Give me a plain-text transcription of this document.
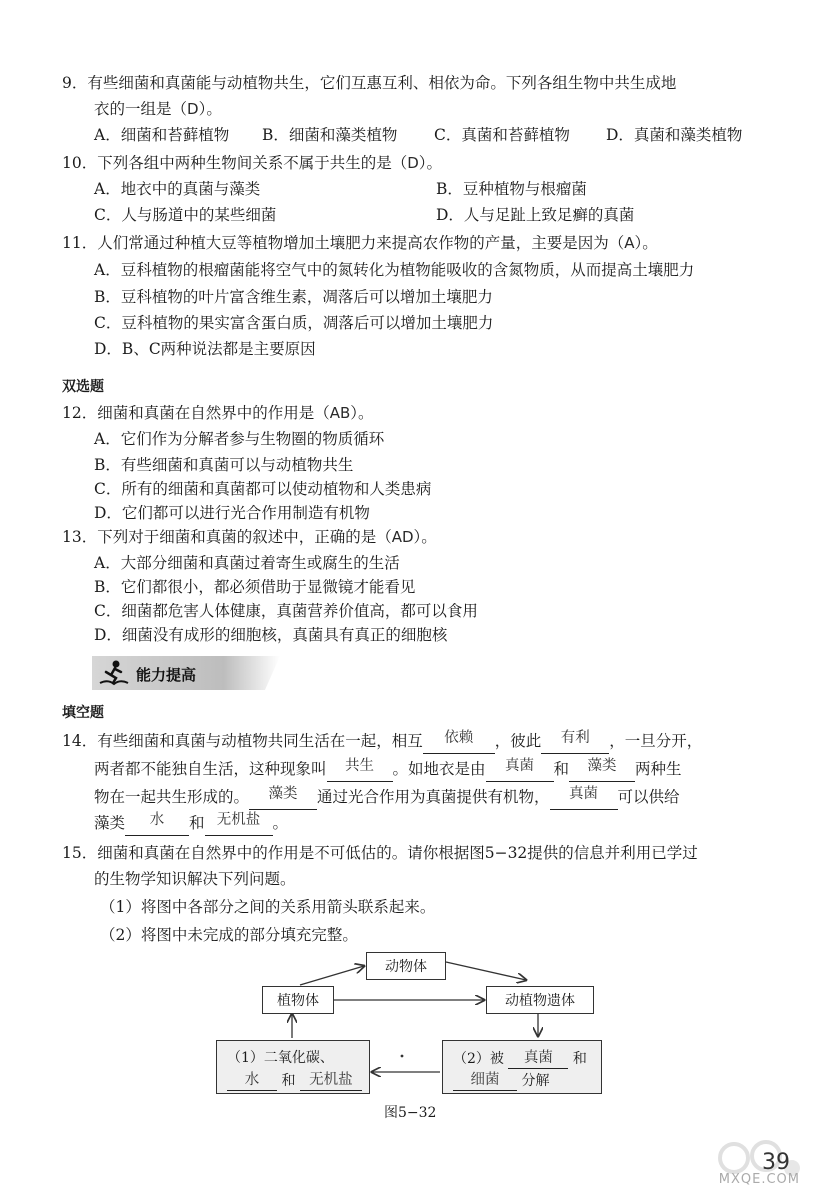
9．有些细菌和真菌能与动植物共生，它们互惠互利、相依为命。下列各组生物中共生成地
衣的一组是（D）。
A．细菌和苔藓植物 B．细菌和藻类植物 C．真菌和苔藓植物 D．真菌和藻类植物
10．下列各组中两种生物间关系不属于共生的是（D）。
A．地衣中的真菌与藻类	B．豆种植物与根瘤菌
C．人与肠道中的某些细菌	D．人与足趾上致足癣的真菌
11．人们常通过种植大豆等植物增加土壤肥力来提高农作物的产量，主要是因为（A）。
A．豆科植物的根瘤菌能将空气中的氮转化为植物能吸收的含氮物质，从而提高土壤肥力
B．豆科植物的叶片富含维生素，凋落后可以增加土壤肥力
C．豆科植物的果实富含蛋白质，凋落后可以增加土壤肥力
D．B、C两种说法都是主要原因
双选题
12．细菌和真菌在自然界中的作用是（AB）。
A．它们作为分解者参与生物圈的物质循环
B．有些细菌和真菌可以与动植物共生
C．所有的细菌和真菌都可以使动植物和人类患病
D．它们都可以进行光合作用制造有机物
13．下列对于细菌和真菌的叙述中，正确的是（AD）。
A．大部分细菌和真菌过着寄生或腐生的生活
B．它们都很小，都必须借助于显微镜才能看见
C．细菌都危害人体健康，真菌营养价值高，都可以食用
D．细菌没有成形的细胞核，真菌具有真正的细胞核
能力提高
填空题
14．有些细菌和真菌与动植物共同生活在一起，相互 依赖 ，彼此 有利 ，一旦分开，
两者都不能独自生活，这种现象叫 共生 。如地衣是由 真菌 和 藻类 两种生
物在一起共生形成的。 藻类 通过光合作用为真菌提供有机物， 真菌 可以供给
藻类 水 和 无机盐 。
15．细菌和真菌在自然界中的作用是不可低估的。请你根据图5−32提供的信息并利用已学过
的生物学知识解决下列问题。
（1）将图中各部分之间的关系用箭头联系起来。
（2）将图中未完成的部分填充完整。
动物体
植物体	动植物遗体
（1）二氧化碳、
水 和 无机盐
（2）被 真菌 和
细菌 分解
图5−32
39
MXQE.COM
